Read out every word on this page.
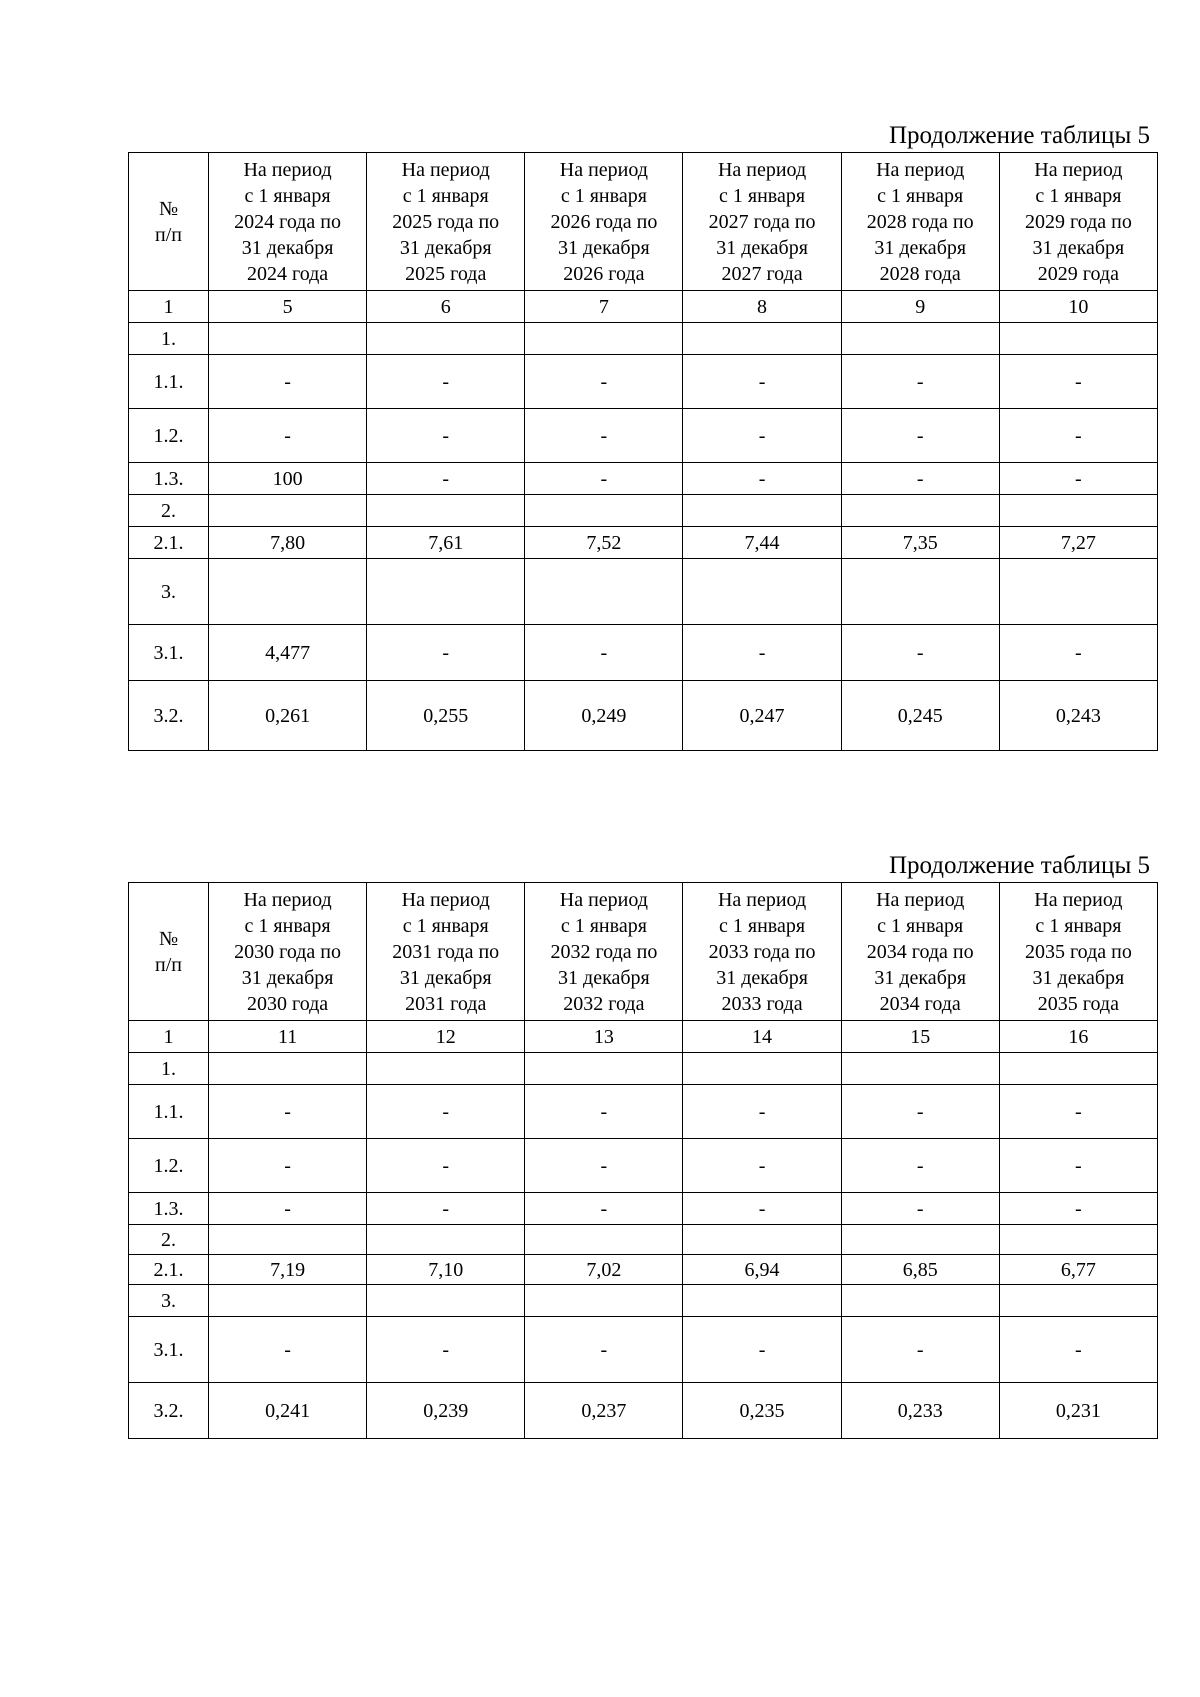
Продолжение таблицы 5
№
п/п	На период
с 1 января
2024 года по
31 декабря
2024 года	На период
с 1 января
2025 года по
31 декабря
2025 года	На период
с 1 января
2026 года по
31 декабря
2026 года	На период
с 1 января
2027 года по
31 декабря
2027 года	На период
с 1 января
2028 года по
31 декабря
2028 года	На период
с 1 января
2029 года по
31 декабря
2029 года
1	5	6	7	8	9	10
1.						
1.1.	-	-	-	-	-	-
1.2.	-	-	-	-	-	-
1.3.	100	-	-	-	-	-
2.						
2.1.	7,80	7,61	7,52	7,44	7,35	7,27
3.						
3.1.	4,477	-	-	-	-	-
3.2.	0,261	0,255	0,249	0,247	0,245	0,243
Продолжение таблицы 5
№
п/п	На период
с 1 января
2030 года по
31 декабря
2030 года	На период
с 1 января
2031 года по
31 декабря
2031 года	На период
с 1 января
2032 года по
31 декабря
2032 года	На период
с 1 января
2033 года по
31 декабря
2033 года	На период
с 1 января
2034 года по
31 декабря
2034 года	На период
с 1 января
2035 года по
31 декабря
2035 года
1	11	12	13	14	15	16
1.						
1.1.	-	-	-	-	-	-
1.2.	-	-	-	-	-	-
1.3.	-	-	-	-	-	-
2.						
2.1.	7,19	7,10	7,02	6,94	6,85	6,77
3.						
3.1.	-	-	-	-	-	-
3.2.	0,241	0,239	0,237	0,235	0,233	0,231
